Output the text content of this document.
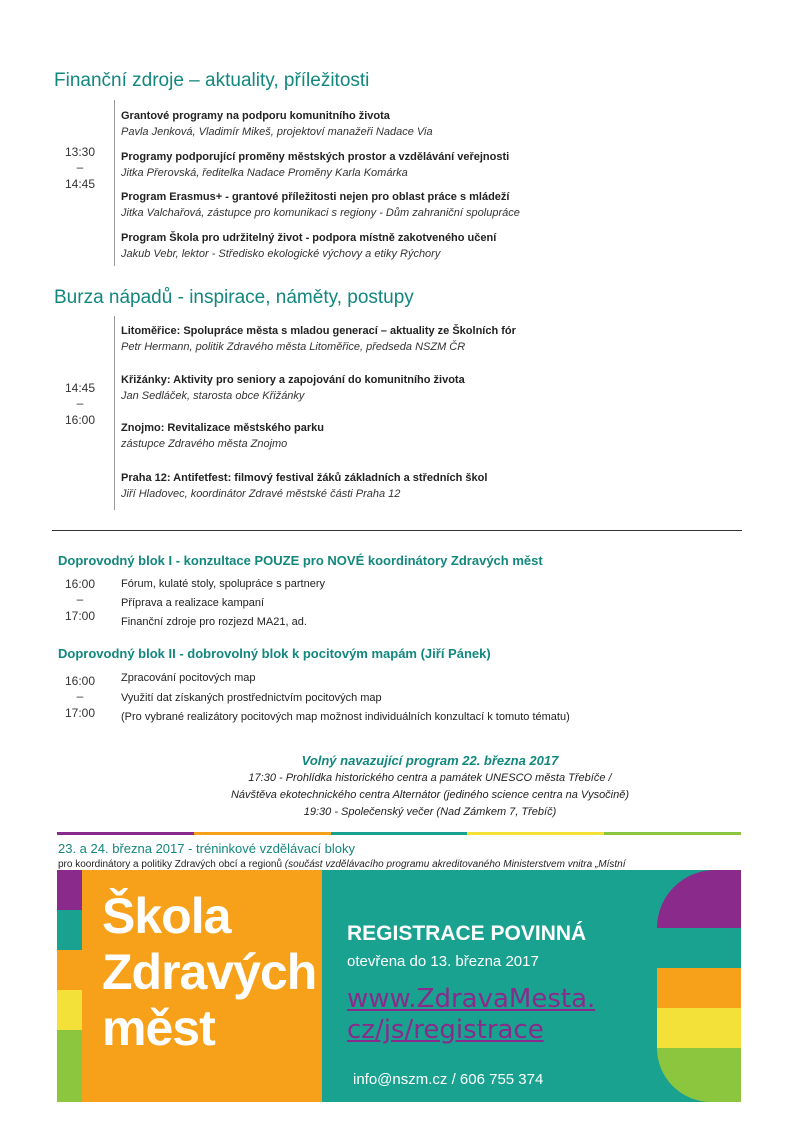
Finanční zdroje – aktuality, příležitosti
13:30
–
14:45
Grantové programy na podporu komunitního života
Pavla Jenková, Vladimír Mikeš, projektoví manažeři Nadace Via
Programy podporující proměny městských prostor a vzdělávání veřejnosti
Jitka Přerovská, ředitelka Nadace Proměny Karla Komárka
Program Erasmus+ - grantové příležitosti nejen pro oblast práce s mládeží
Jitka Valchařová, zástupce pro komunikaci s regiony - Dům zahraniční spolupráce
Program Škola pro udržitelný život - podpora místně zakotveného učení
Jakub Vebr, lektor - Středisko ekologické výchovy a etiky Rýchory
Burza nápadů - inspirace, náměty, postupy
14:45
–
16:00
Litoměřice: Spolupráce města s mladou generací – aktuality ze Školních fór
Petr Hermann, politik Zdravého města Litoměřice, předseda NSZM ČR
Křižánky: Aktivity pro seniory a zapojování do komunitního života
Jan Sedláček, starosta obce Křižánky
Znojmo: Revitalizace městského parku
zástupce Zdravého města Znojmo
Praha 12: Antifetfest: filmový festival žáků základních a středních škol
Jiří Hladovec, koordinátor Zdravé městské části Praha 12
Doprovodný blok I - konzultace POUZE pro NOVÉ koordinátory Zdravých měst
16:00
–
17:00
Fórum, kulaté stoly, spolupráce s partnery
Příprava a realizace kampaní
Finanční zdroje pro rozjezd MA21, ad.
Doprovodný blok II - dobrovolný blok k pocitovým mapám (Jiří Pánek)
16:00
–
17:00
Zpracování pocitových map
Využití dat získaných prostřednictvím pocitových map
(Pro vybrané realizátory pocitových map možnost individuálních konzultací k tomuto tématu)
Volný navazující program 22. března 2017
17:30 - Prohlídka historického centra a památek UNESCO města Třebíče /
Návštěva ekotechnického centra Alternátor (jediného science centra na Vysočině)
19:30 - Společenský večer (Nad Zámkem 7, Třebíč)
23. a 24. března 2017 - tréninkové vzdělávací bloky
pro koordinátory a politiky Zdravých obcí a regionů (součást vzdělávacího programu akreditovaného Ministerstvem vnitra „Místní
Škola
Zdravých
měst
REGISTRACE POVINNÁ
otevřena do 13. března 2017
www.ZdravaMesta.
cz/js/registrace
info@nszm.cz / 606 755 374
